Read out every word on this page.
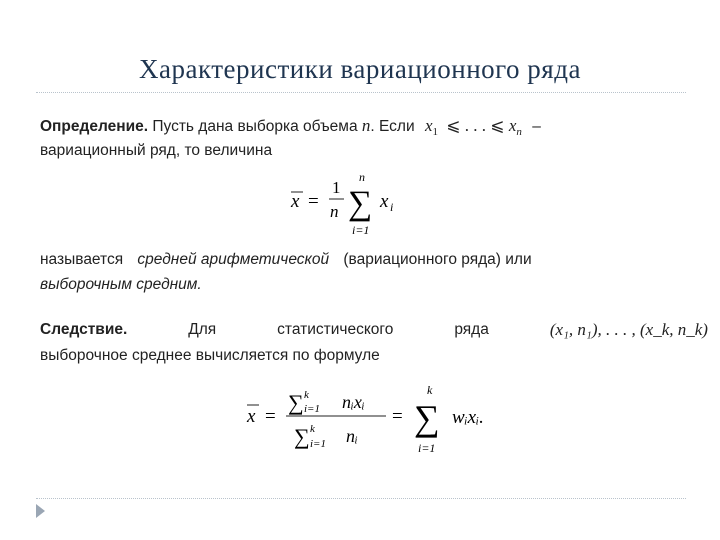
Характеристики вариационного ряда
Определение. Пусть дана выборка объема n. Если $x_1$ ⩽ . . . ⩽ $x_n$ –
вариационный ряд, то величина
x =
1
n
n
∑
i=1
x i
называется средней арифметической (вариационного ряда) или
выборочным средним.
Следствие.	Для	статистического	ряда	(x₁, n₁), . . . , (x_k, n_k)
выборочное среднее вычисляется по формуле
x =
∑ k
i=1 nᵢxᵢ
∑ k
i=1 nᵢ
=
k
∑
i=1
wᵢxᵢ.
